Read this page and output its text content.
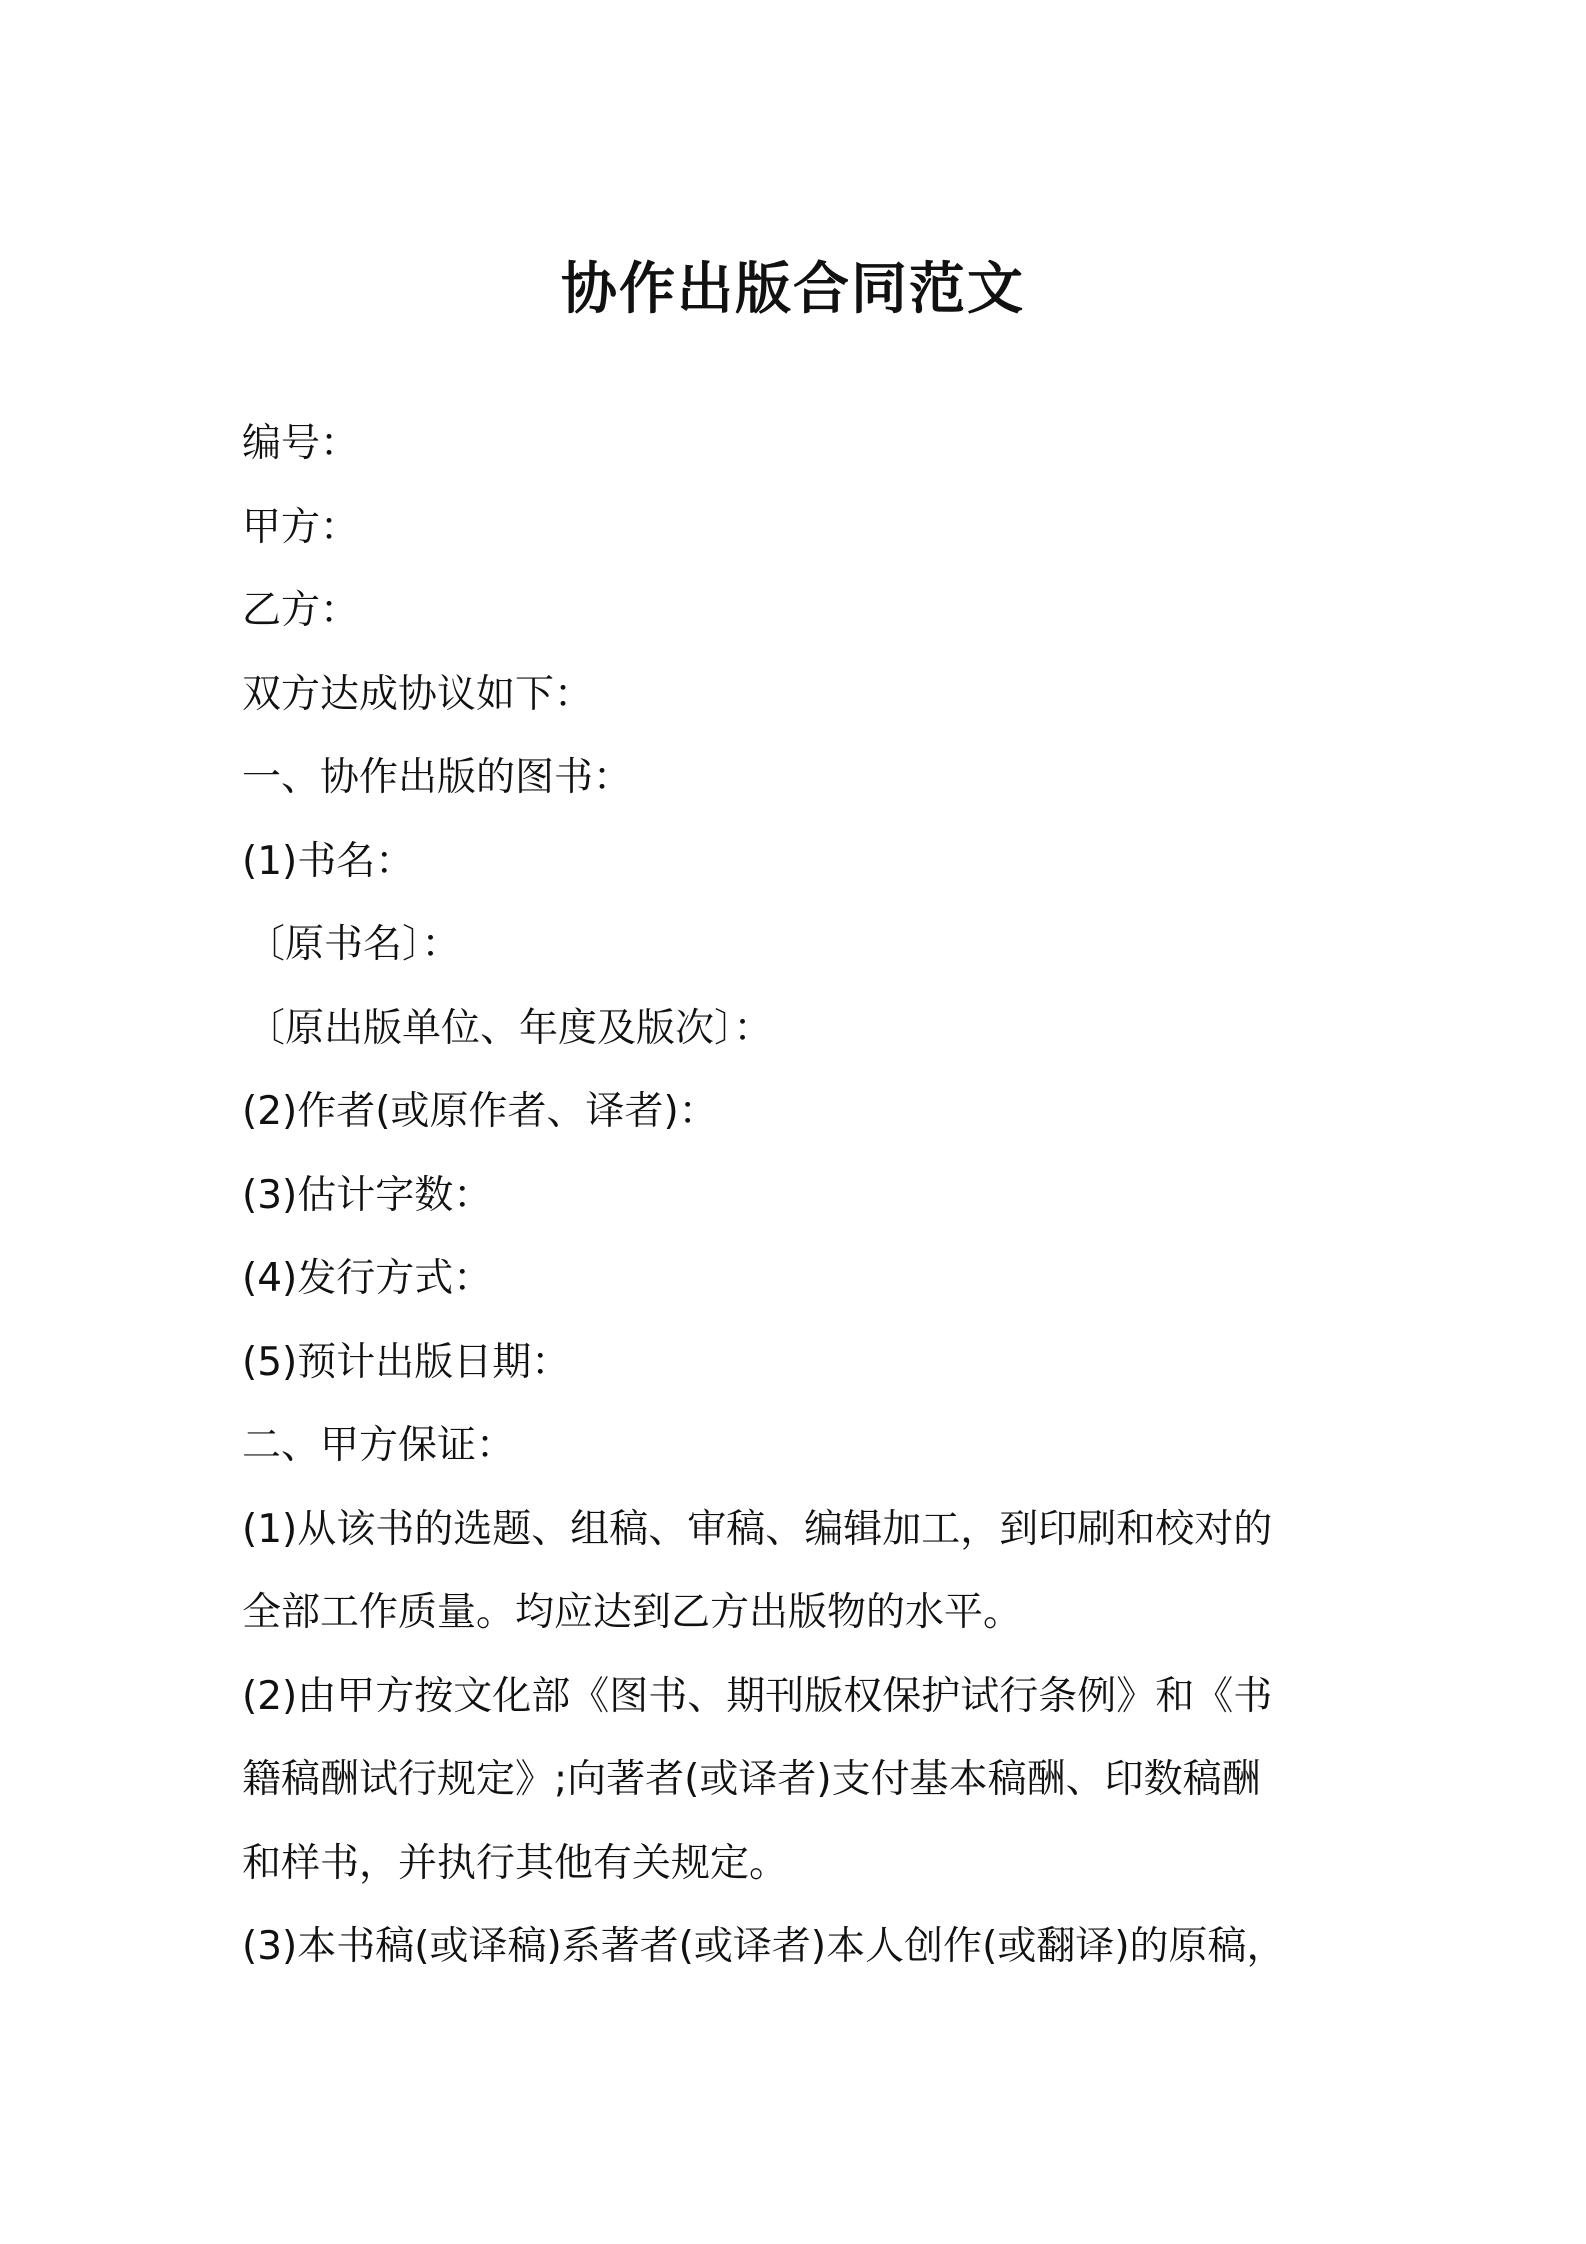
协作出版合同范文
编号：
甲方：
乙方：
双方达成协议如下：
一、协作出版的图书：
(1)书名：
〔原书名〕：
〔原出版单位、年度及版次〕：
(2)作者(或原作者、译者)：
(3)估计字数：
(4)发行方式：
(5)预计出版日期：
二、甲方保证：
(1)从该书的选题、组稿、审稿、编辑加工，到印刷和校对的
全部工作质量。均应达到乙方出版物的水平。
(2)由甲方按文化部《图书、期刊版权保护试行条例》和《书
籍稿酬试行规定》;向著者(或译者)支付基本稿酬、印数稿酬
和样书，并执行其他有关规定。
(3)本书稿(或译稿)系著者(或译者)本人创作(或翻译)的原稿，
